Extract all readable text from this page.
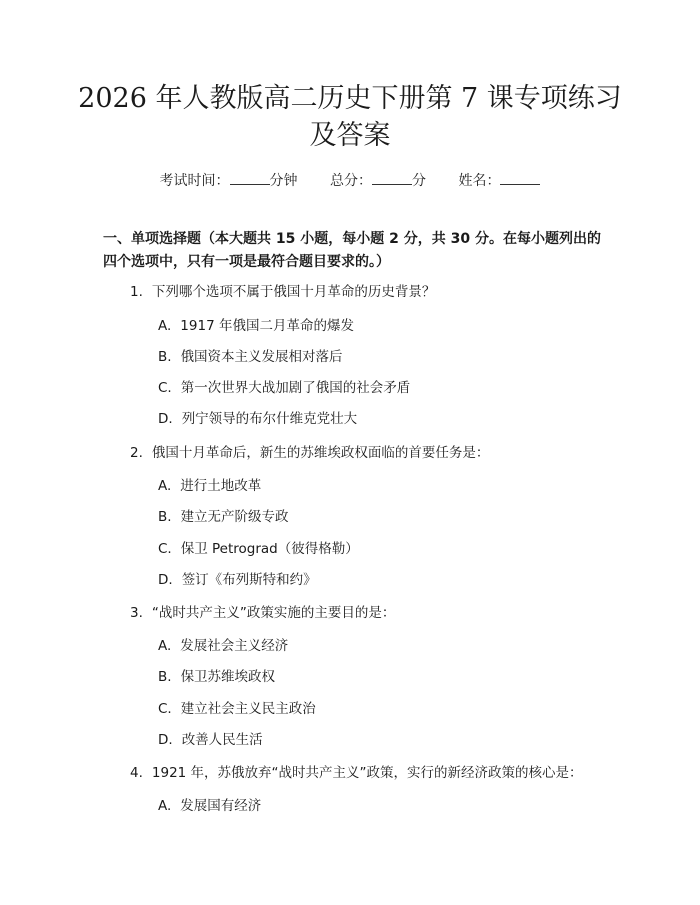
2026 年人教版高二历史下册第 7 课专项练习
及答案
考试时间：	分钟 总分：	分 姓名：
一、单项选择题（本大题共 15 小题，每小题 2 分，共 30 分。在每小题列出的四个选项中，只有一项是最符合题目要求的。）
1. 下列哪个选项不属于俄国十月革命的历史背景？
A. 1917 年俄国二月革命的爆发
B. 俄国资本主义发展相对落后
C. 第一次世界大战加剧了俄国的社会矛盾
D. 列宁领导的布尔什维克党壮大
2. 俄国十月革命后，新生的苏维埃政权面临的首要任务是：
A. 进行土地改革
B. 建立无产阶级专政
C. 保卫 Petrograd（彼得格勒）
D. 签订《布列斯特和约》
3. “战时共产主义”政策实施的主要目的是：
A. 发展社会主义经济
B. 保卫苏维埃政权
C. 建立社会主义民主政治
D. 改善人民生活
4. 1921 年，苏俄放弃“战时共产主义”政策，实行的新经济政策的核心是：
A. 发展国有经济
